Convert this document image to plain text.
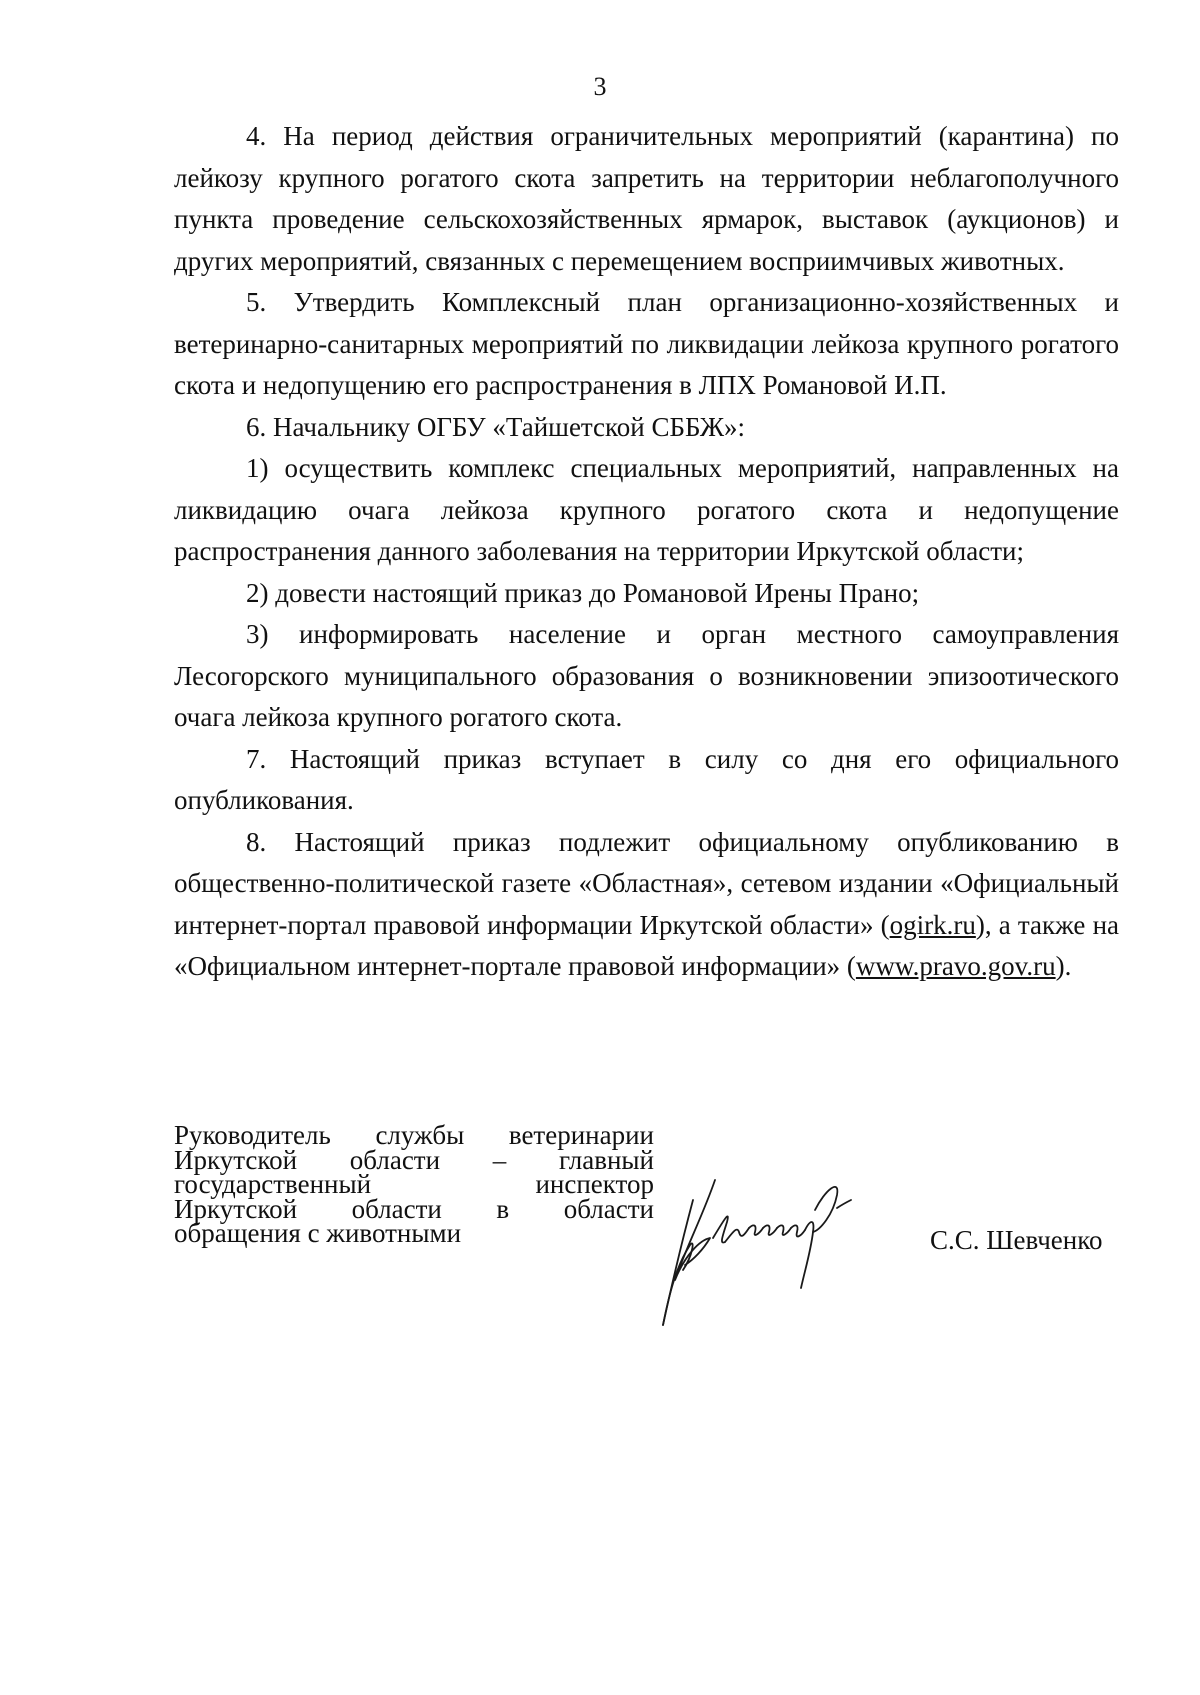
3

4. На период действия ограничительных мероприятий (карантина) по лейкозу крупного рогатого скота запретить на территории неблагополучного пункта проведение сельскохозяйственных ярмарок, выставок (аукционов) и других мероприятий, связанных с перемещением восприимчивых животных.

5. Утвердить Комплексный план организационно-хозяйственных и ветеринарно-санитарных мероприятий по ликвидации лейкоза крупного рогатого скота и недопущению его распространения в ЛПХ Романовой И.П.

6. Начальнику ОГБУ «Тайшетской СББЖ»:

1) осуществить комплекс специальных мероприятий, направленных на ликвидацию очага лейкоза крупного рогатого скота и недопущение распространения данного заболевания на территории Иркутской области;

2) довести настоящий приказ до Романовой Ирены Прано;

3) информировать население и орган местного самоуправления Лесогорского муниципального образования о возникновении эпизоотического очага лейкоза крупного рогатого скота.

7. Настоящий приказ вступает в силу со дня его официального опубликования.

8. Настоящий приказ подлежит официальному опубликованию в общественно-политической газете «Областная», сетевом издании «Официальный интернет-портал правовой информации Иркутской области» (ogirk.ru), а также на «Официальном интернет-портале правовой информации» (www.pravo.gov.ru).

Руководитель службы ветеринарии
Иркутской области – главный
государственный инспектор
Иркутской области в области
обращения с животными	С.С. Шевченко
